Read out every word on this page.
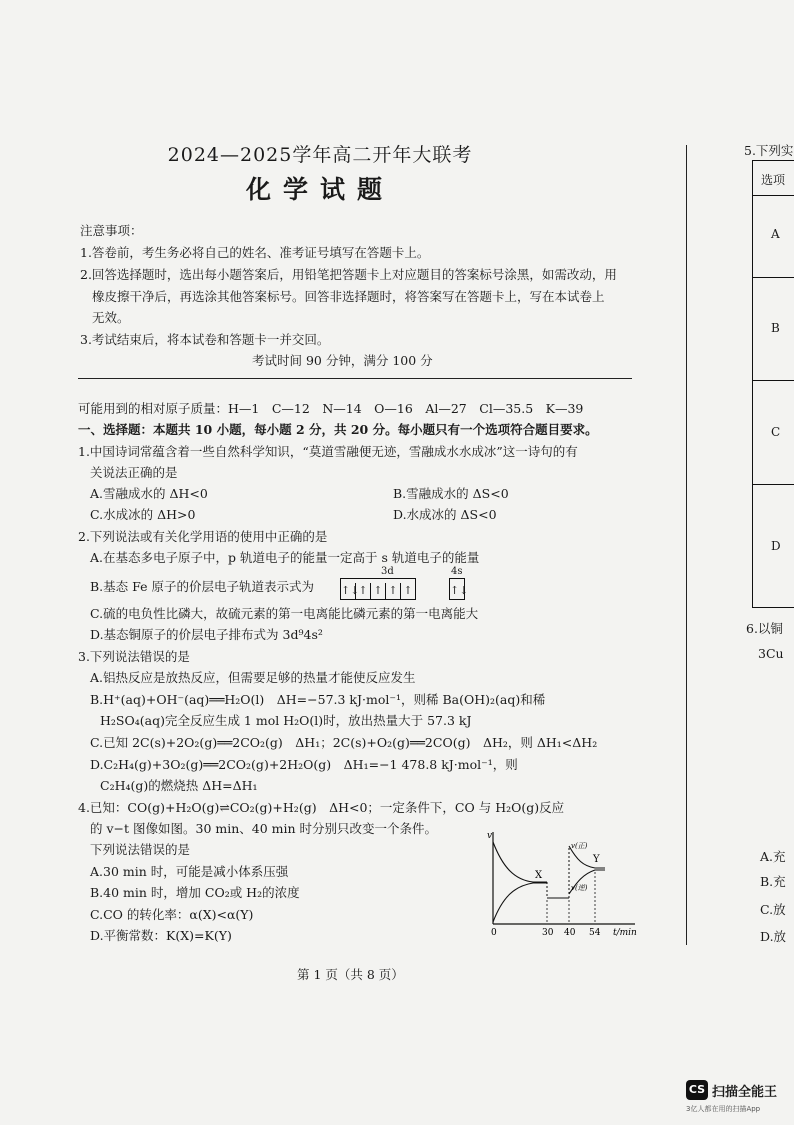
2024—2025学年高二开年大联考
化学试题
注意事项：
1.答卷前，考生务必将自己的姓名、准考证号填写在答题卡上。
2.回答选择题时，选出每小题答案后，用铅笔把答题卡上对应题目的答案标号涂黑，如需改动，用
橡皮擦干净后，再选涂其他答案标号。回答非选择题时，将答案写在答题卡上，写在本试卷上
无效。
3.考试结束后，将本试卷和答题卡一并交回。
考试时间 90 分钟，满分 100 分
可能用到的相对原子质量：H—1　C—12　N—14　O—16　Al—27　Cl—35.5　K—39
一、选择题：本题共 10 小题，每小题 2 分，共 20 分。每小题只有一个选项符合题目要求。
1.中国诗词常蕴含着一些自然科学知识，“莫道雪融便无迹，雪融成水水成冰”这一诗句的有
关说法正确的是
A.雪融成水的 ΔH<0	B.雪融成水的 ΔS<0
C.水成冰的 ΔH>0	D.水成冰的 ΔS<0
2.下列说法或有关化学用语的使用中正确的是
A.在基态多电子原子中，p 轨道电子的能量一定高于 s 轨道电子的能量
B.基态 Fe 原子的价层电子轨道表示式为
3d	4s
↑↓↑ ↑ ↑ ↑	↑↓
C.硫的电负性比磷大，故硫元素的第一电离能比磷元素的第一电离能大
D.基态铜原子的价层电子排布式为 3d⁹4s²
3.下列说法错误的是
A.铝热反应是放热反应，但需要足够的热量才能使反应发生
B.H⁺(aq)+OH⁻(aq)══H₂O(l)　ΔH=−57.3 kJ·mol⁻¹，则稀 Ba(OH)₂(aq)和稀
H₂SO₄(aq)完全反应生成 1 mol H₂O(l)时，放出热量大于 57.3 kJ
C.已知 2C(s)+2O₂(g)══2CO₂(g)　ΔH₁；2C(s)+O₂(g)══2CO(g)　ΔH₂，则 ΔH₁<ΔH₂
D.C₂H₄(g)+3O₂(g)══2CO₂(g)+2H₂O(g)　ΔH₁=−1 478.8 kJ·mol⁻¹，则
C₂H₄(g)的燃烧热 ΔH=ΔH₁
4.已知：CO(g)+H₂O(g)⇌CO₂(g)+H₂(g)　ΔH<0；一定条件下，CO 与 H₂O(g)反应
的 v−t 图像如图。30 min、40 min 时分别只改变一个条件。
下列说法错误的是
A.30 min 时，可能是减小体系压强
B.40 min 时，增加 CO₂或 H₂的浓度
C.CO 的转化率：α(X)<α(Y)
D.平衡常数：K(X)=K(Y)
v
t/min
0	30 40 54
X
Y
v(正)
v(逆)
第 1 页（共 8 页）
5.下列实
选项
A
B
C
D
6.以铜
3Cu
A.充
B.充
C.放
D.放
CS 扫描全能王
3亿人都在用的扫描App
